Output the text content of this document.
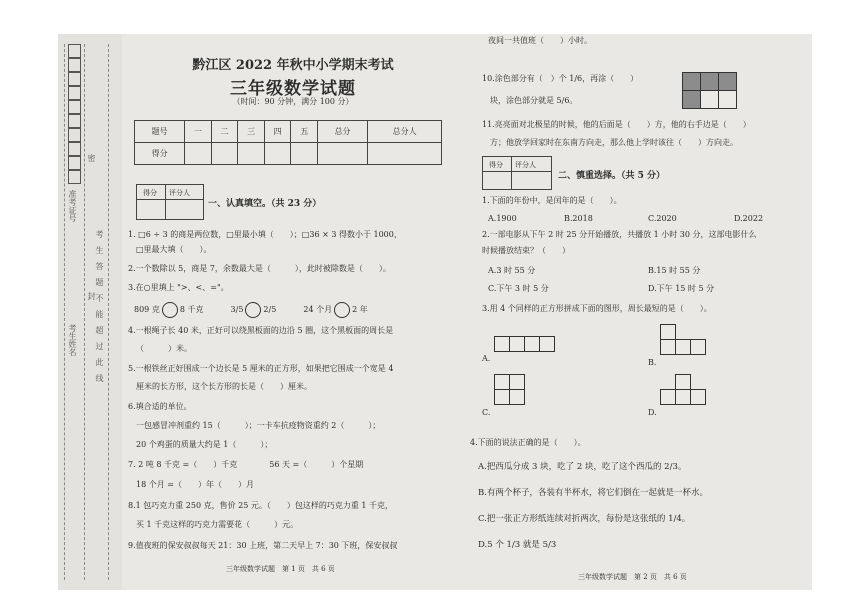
准考证号
考生姓名
考
生
答
题
不
能
超
过
此
线
密
封
黔江区 2022 年秋中小学期末考试
三年级数学试题
（时间：90 分钟，满分 100 分）
题号	一	二	三	四	五	总分	总分人
得分							
得分 评分人
一、认真填空。（共 23 分）
1. □6 ÷ 3 的商是两位数，□里最小填（　　）；□36 × 3 得数小于 1000，
□里最大填（　　）。
2.一个数除以 5，商是 7，余数最大是（　　　），此时被除数是（　　）。
3.在○里填上 ">、<、="。
809 克	8 千克	3/5	2/5	24 个月	2 年
4.一根绳子长 40 米，正好可以绕黑板面的边沿 5 圈，这个黑板面的周长是
（　　　）米。
5.一根铁丝正好围成一个边长是 5 厘米的正方形，如果把它围成一个宽是 4
厘米的长方形，这个长方形的长是（　　）厘米。
6.填合适的单位。
一包感冒冲剂重约 15（　　　）；一卡车抗疫物资重约 2（　　　）；
20 个鸡蛋的质量大约是 1（　　　）；
7. 2 吨 8 千克 =（　　）千克　　　　56 天 =（　　　）个星期
18 个月 =（　　）年（　　）月
8.1 包巧克力重 250 克，售价 25 元。（　　）包这样的巧克力重 1 千克，
买 1 千克这样的巧克力需要花（　　　）元。
9.值夜班的保安叔叔每天 21：30 上班，第二天早上 7：30 下班，保安叔叔
三年级数学试题　第 1 页　共 6 页
夜间一共值班（　　）小时。
10.涂色部分有（　）个 1/6，再涂（　　）
块，涂色部分就是 5/6。
11.亮亮面对北极星的时候，他的后面是（　　）方，他的右手边是（　　）
方；他放学回家时在东南方向走，那么他上学时该往（　　）方向走。
得分 评分人
二、慎重选择。（共 5 分）
1.下面的年份中，是闰年的是（　　）。
A.1900	B.2018	C.2020	D.2022
2.一部电影从下午 2 时 25 分开始播放，共播放 1 小时 30 分，这部电影什么
时候播放结束？（　　）
A.3 时 55 分	B.15 时 55 分
C.下午 3 时 5 分	D.下午 15 时 5 分
3.用 4 个同样的正方形拼成下面的图形，周长最短的是（　　）。
A.	B.
C.	D.
4.下面的说法正确的是（　　）。
A.把西瓜分成 3 块，吃了 2 块，吃了这个西瓜的 2/3。
B.有两个杯子，各装有半杯水，将它们倒在一起就是一杯水。
C.把一张正方形纸连续对折两次，每份是这张纸的 1/4。
D.5 个 1/3 就是 5/3
三年级数学试题　第 2 页　共 6 页
